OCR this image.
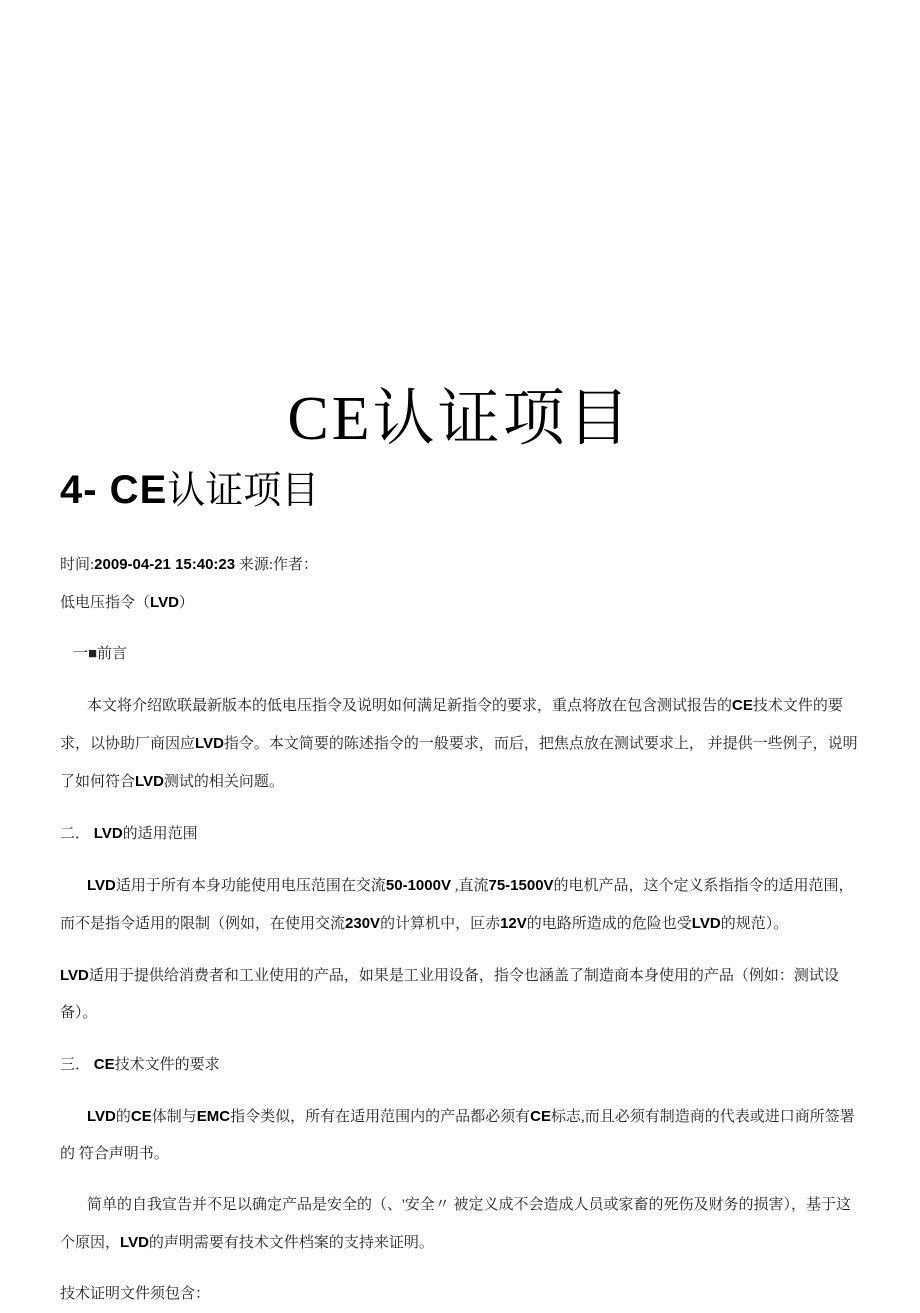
CE认证项目
4- CE认证项目

时间:2009-04-21 15:40:23 来源:作者：

低电压指令（LVD）

一■前言

本文将介绍欧联最新版本的低电压指令及说明如何满足新指令的要求，重点将放在包含测试报告的CE技术文件的要求，以协助厂商因应LVD指令。本文简要的陈述指令的一般要求，而后，把焦点放在测试要求上， 并提供一些例子，说明了如何符合LVD测试的相关问题。

二． LVD的适用范围

LVD适用于所有本身功能使用电压范围在交流50-1000V ,直流75-1500V的电机产品，这个定义系指指令的适用范围，而不是指令适用的限制（例如，在使用交流230V的计算机中，叵赤12V的电路所造成的危险也受LVD的规范）。

LVD适用于提供给消费者和工业使用的产品，如果是工业用设备，指令也涵盖了制造商本身使用的产品（例如：测试设备）。

三． CE技术文件的要求

LVD的CE体制与EMC指令类似，所有在适用范围内的产品都必须有CE标志,而且必须有制造商的代表或进口商所签署的 符合声明书。

简单的自我宣告并不足以确定产品是安全的（、'安全〃 被定义成不会造成人员或家畜的死伤及财务的损害），基于这个原因，LVD的声明需要有技术文件档案的支持来证明。

技术证明文件须包含：
